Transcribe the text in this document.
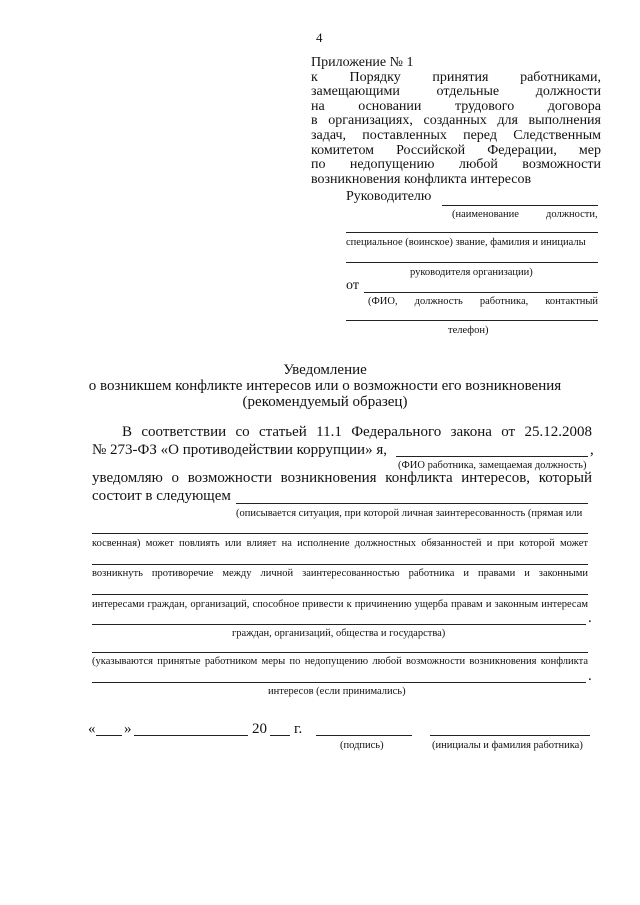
4
Приложение № 1
к Порядку принятия работниками,
замещающими отдельные должности
на основании трудового договора
в организациях, созданных для выполнения
задач, поставленных перед Следственным
комитетом Российской Федерации, мер
по недопущению любой возможности
возникновения конфликта интересов
Руководителю
(наименование	должности,
специальное (воинское) звание, фамилия и инициалы
руководителя организации)
от
(ФИО, должность работника, контактный
телефон)
Уведомление
о возникшем конфликте интересов или о возможности его возникновения
(рекомендуемый образец)
В соответствии со статьей 11.1 Федерального закона от 25.12.2008
№ 273-ФЗ «О противодействии коррупции» я,	,
(ФИО работника, замещаемая должность)
уведомляю о возможности возникновения конфликта интересов, который
состоит в следующем
(описывается ситуация, при которой личная заинтересованность (прямая или
косвенная) может повлиять или влияет на исполнение должностных обязанностей и при которой может
возникнуть противоречие между личной заинтересованностью работника и правами и законными
интересами граждан, организаций, способное привести к причинению ущерба правам и законным интересам
.
граждан, организаций, общества и государства)
(указываются принятые работником меры по недопущению любой возможности возникновения конфликта
.
интересов (если принимались)
« »	20 г.
(подпись)	(инициалы и фамилия работника)
